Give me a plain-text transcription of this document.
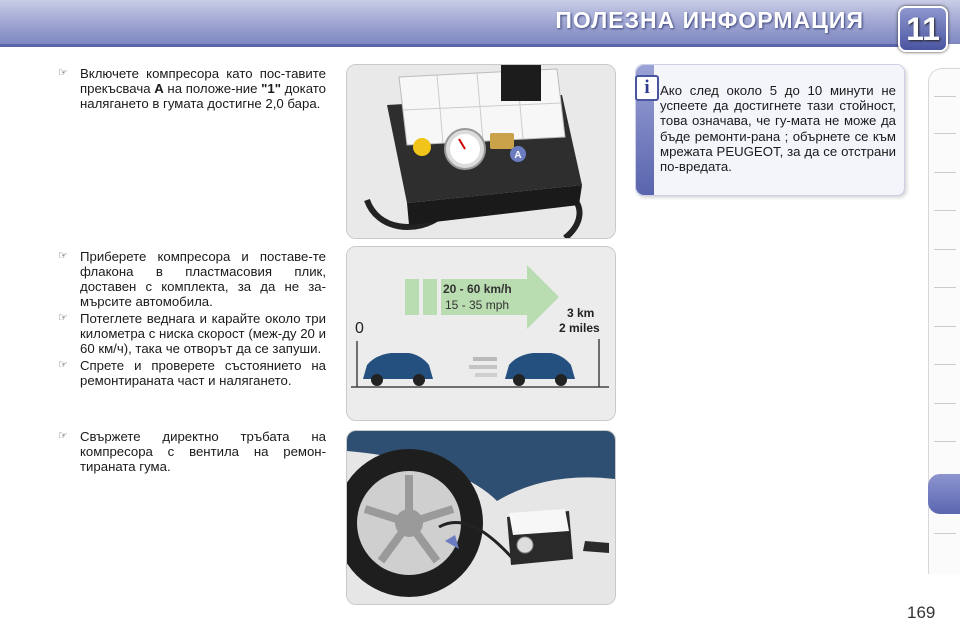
ПОЛЕЗНА ИНФОРМАЦИЯ 11
☞ Включете компресора като пос-тавите прекъсвача A на положе-ние "1" докато налягането в гумата достигне 2,0 бара.
☞ Приберете компресора и поставе-те флакона в пластмасовия плик, доставен с комплекта, за да не за-мърсите автомобила.
☞ Потеглете веднага и карайте около три километра с ниска скорост (меж-ду 20 и 60 км/ч), така че отворът да се запуши.
☞ Спрете и проверете състоянието на ремонтираната част и налягането.
☞ Свържете директно тръбата на компресора с вентила на ремон-тираната гума.
A
20 - 60 km/h
15 - 35 mph
3 km
2 miles
0
i Ако след около 5 до 10 минути не успеете да достигнете тази стойност, това означава, че гу-мата не може да бъде ремонти-рана ; обърнете се към мрежата PEUGEOT, за да се отстрани по-вредата.
169
